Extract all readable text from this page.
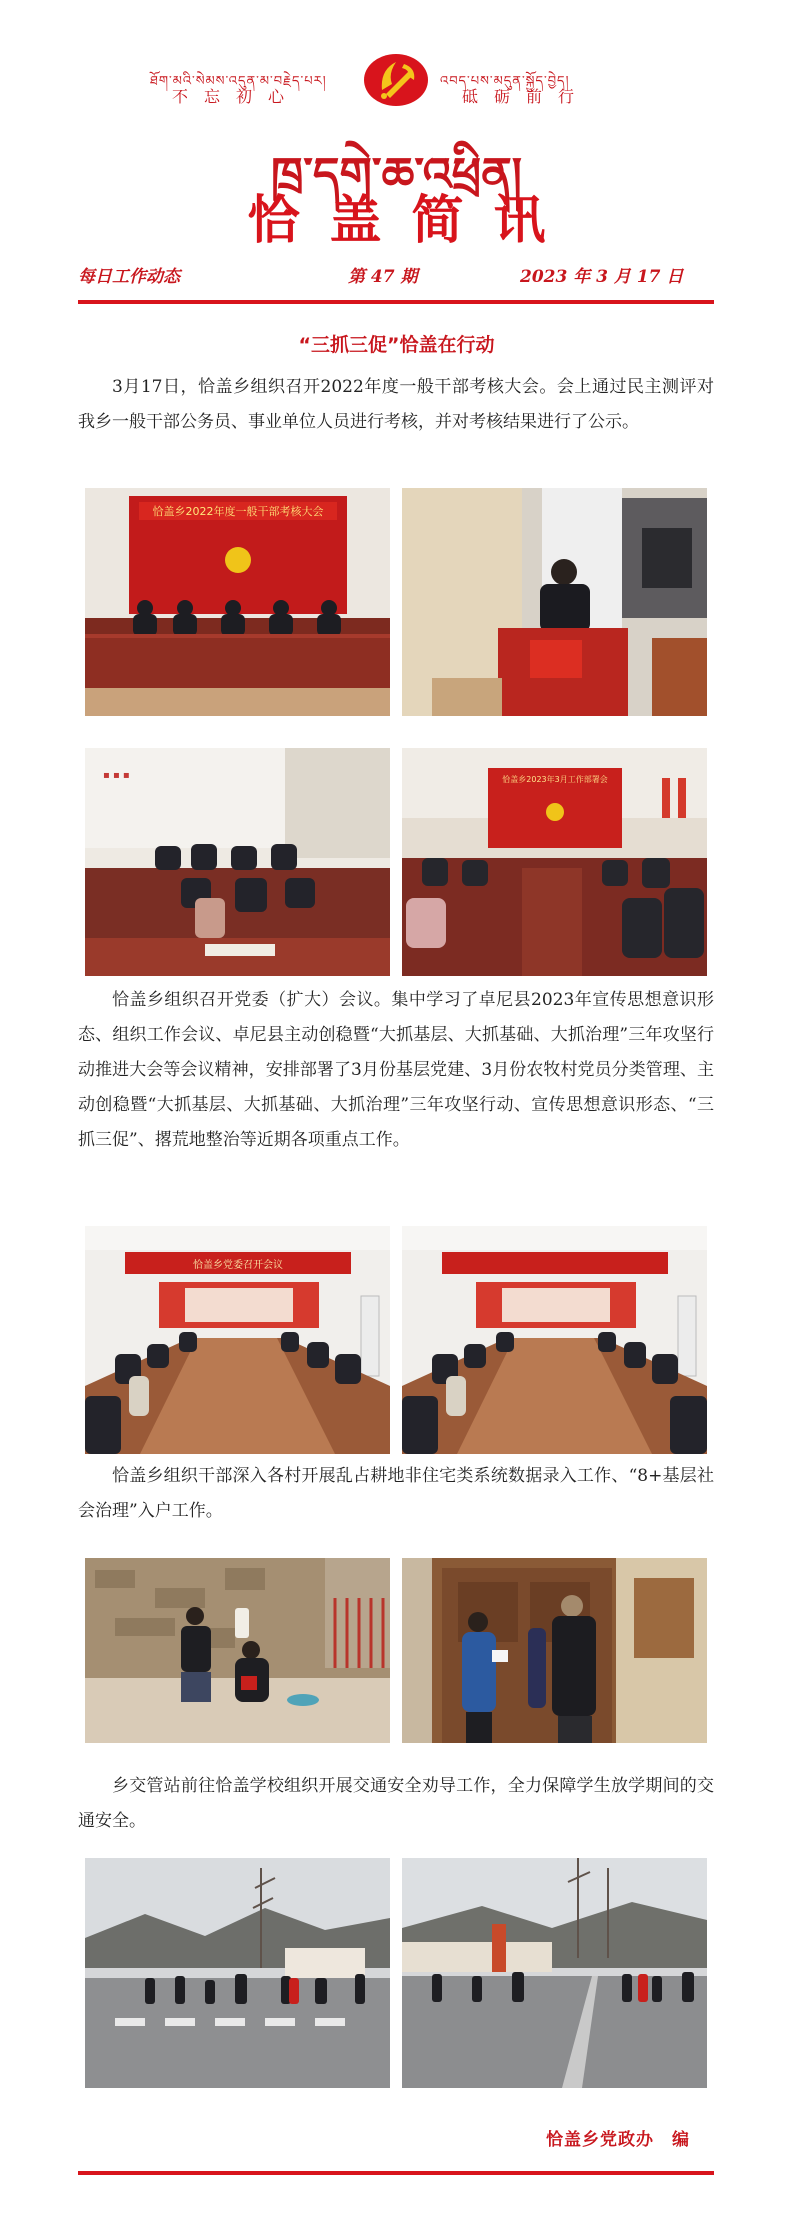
ཐོག་མའི་སེམས་འདུན་མ་བརྗེད་པར།	འབད་པས་མདུན་སྐྱོད་བྱེད།
不忘初心	砥砺前行
ཁྲ་དགེ་ཆ་འཕྲིན།
恰盖简讯
每日工作动态	第 47 期	2023 年 3 月 17 日
“三抓三促”恰盖在行动
3月17日，恰盖乡组织召开2022年度一般干部考核大会。会上通过民主测评对我乡一般干部公务员、事业单位人员进行考核，并对考核结果进行了公示。
恰盖乡2022年度一般干部考核大会
▪ ▪ ▪	恰盖乡2023年3月工作部署会
恰盖乡组织召开党委（扩大）会议。集中学习了卓尼县2023年宣传思想意识形态、组织工作会议、卓尼县主动创稳暨“大抓基层、大抓基础、大抓治理”三年攻坚行动推进大会等会议精神，安排部署了3月份基层党建、3月份农牧村党员分类管理、主动创稳暨“大抓基层、大抓基础、大抓治理”三年攻坚行动、宣传思想意识形态、“三抓三促”、撂荒地整治等近期各项重点工作。
恰盖乡党委召开会议
恰盖乡组织干部深入各村开展乱占耕地非住宅类系统数据录入工作、“8+基层社会治理”入户工作。
乡交管站前往恰盖学校组织开展交通安全劝导工作，全力保障学生放学期间的交通安全。
恰盖乡党政办　编
